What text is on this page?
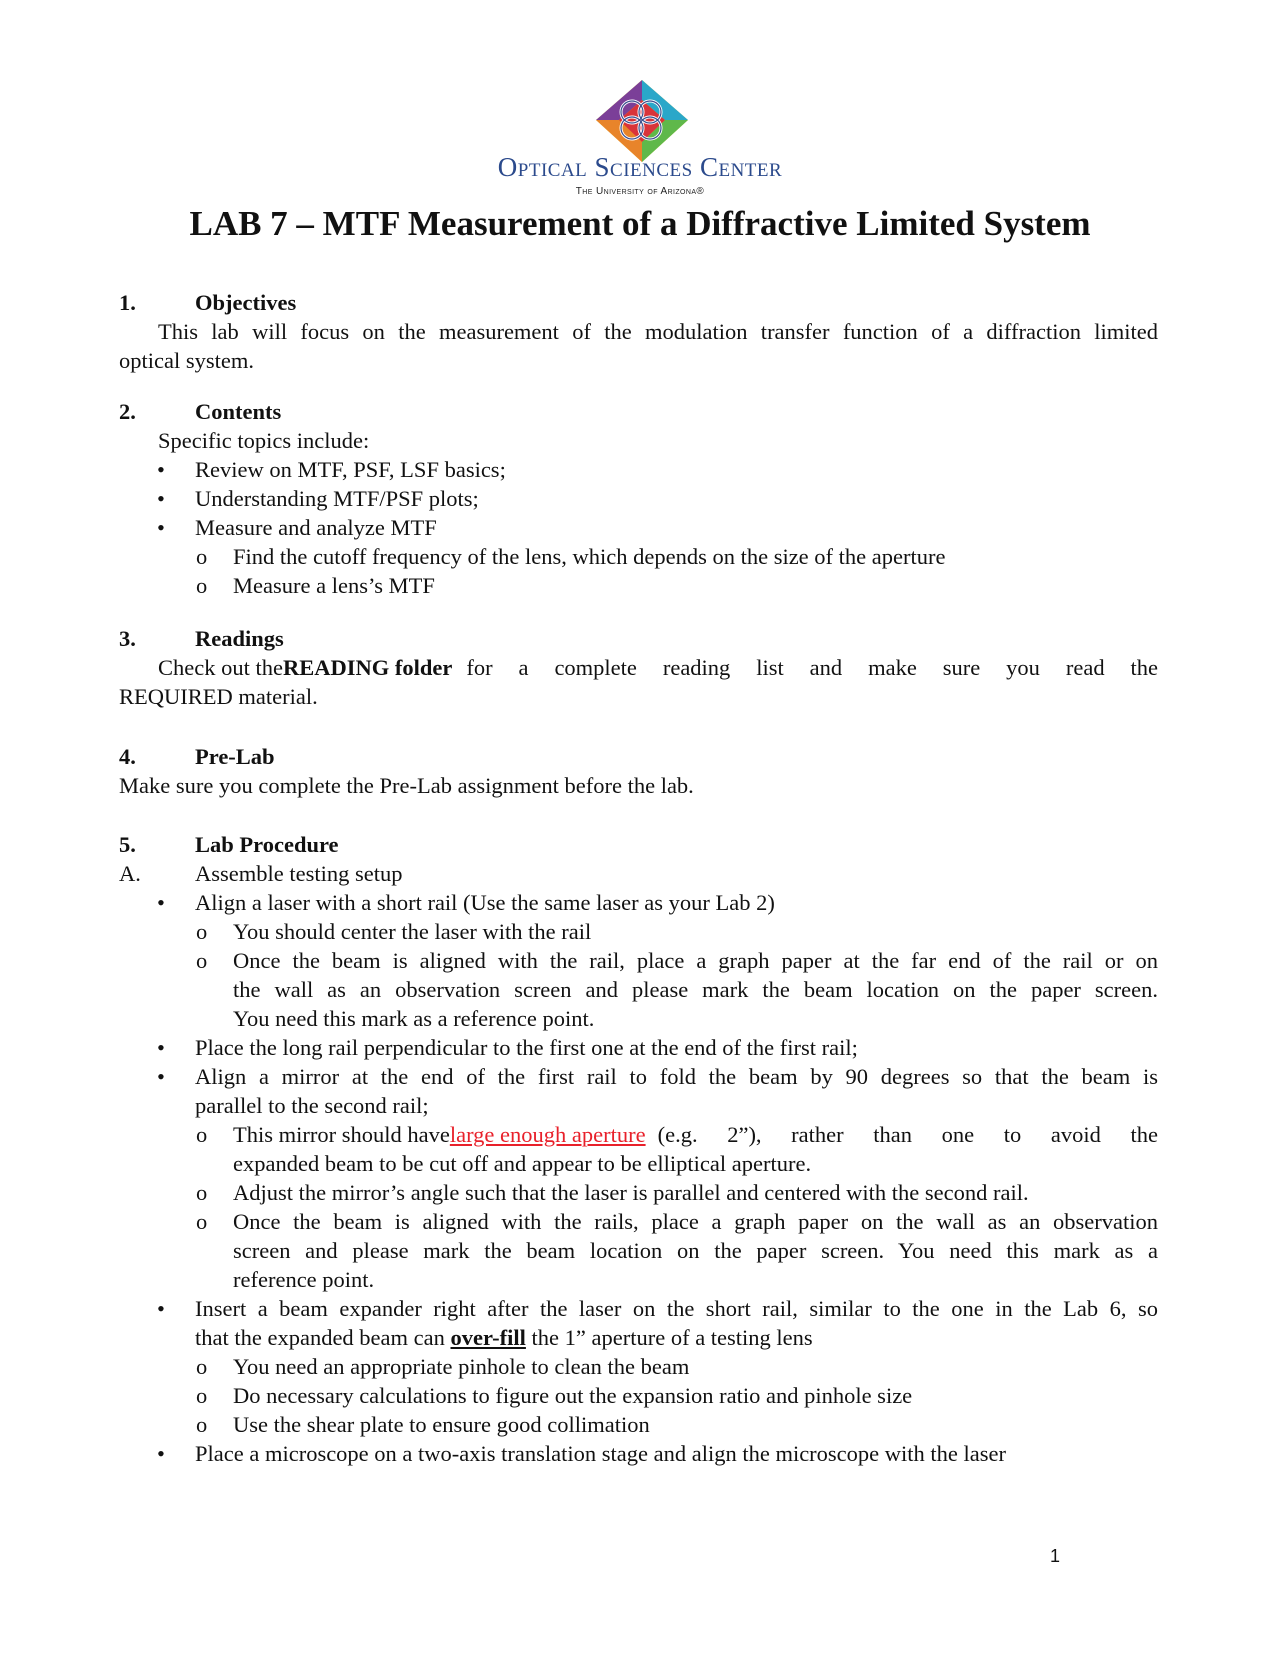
Optical Sciences Center
The University of Arizona®
LAB 7 – MTF Measurement of a Diffractive Limited System
1.	Objectives
This lab will focus on the measurement of the modulation transfer function of a diffraction limited
optical system.
2.	Contents
Specific topics include:
• Review on MTF, PSF, LSF basics;
• Understanding MTF/PSF plots;
• Measure and analyze MTF
o Find the cutoff frequency of the lens, which depends on the size of the aperture
o Measure a lens’s MTF
3.	Readings
Check out the READING folder for a complete reading list and make sure you read the
REQUIRED material.
4.	Pre-Lab
Make sure you complete the Pre-Lab assignment before the lab.
5.	Lab Procedure
A. Assemble testing setup
• Align a laser with a short rail (Use the same laser as your Lab 2)
o You should center the laser with the rail
o Once the beam is aligned with the rail, place a graph paper at the far end of the rail or on
the wall as an observation screen and please mark the beam location on the paper screen.
You need this mark as a reference point.
• Place the long rail perpendicular to the first one at the end of the first rail;
• Align a mirror at the end of the first rail to fold the beam by 90 degrees so that the beam is
parallel to the second rail;
o This mirror should have large enough aperture (e.g. 2”), rather than one to avoid the
expanded beam to be cut off and appear to be elliptical aperture.
o Adjust the mirror’s angle such that the laser is parallel and centered with the second rail.
o Once the beam is aligned with the rails, place a graph paper on the wall as an observation
screen and please mark the beam location on the paper screen. You need this mark as a
reference point.
• Insert a beam expander right after the laser on the short rail, similar to the one in the Lab 6, so
that the expanded beam can over-fill the 1” aperture of a testing lens
o You need an appropriate pinhole to clean the beam
o Do necessary calculations to figure out the expansion ratio and pinhole size
o Use the shear plate to ensure good collimation
• Place a microscope on a two-axis translation stage and align the microscope with the laser
1
